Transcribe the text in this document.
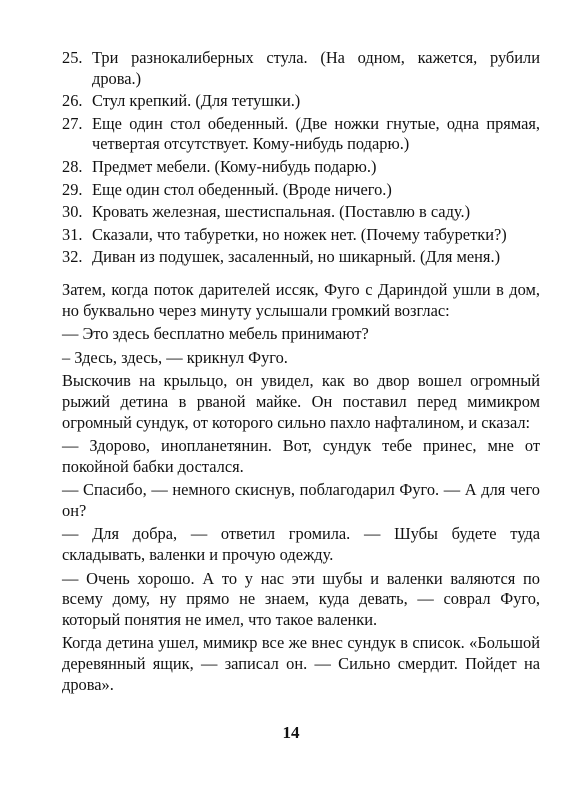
25. Три разнокалиберных стула. (На одном, кажется, рубили дрова.)
26. Стул крепкий. (Для тетушки.)
27. Еще один стол обеденный. (Две ножки гнутые, одна прямая, четвертая отсутствует. Кому-нибудь подарю.)
28. Предмет мебели. (Кому-нибудь подарю.)
29. Еще один стол обеденный. (Вроде ничего.)
30. Кровать железная, шестиспальная. (Поставлю в саду.)
31. Сказали, что табуретки, но ножек нет. (Почему табуретки?)
32. Диван из подушек, засаленный, но шикарный. (Для меня.)

Затем, когда поток дарителей иссяк, Фуго с Дариндой ушли в дом, но буквально через минуту услышали громкий возглас:

— Это здесь бесплатно мебель принимают?

– Здесь, здесь, — крикнул Фуго.

Выскочив на крыльцо, он увидел, как во двор вошел огромный рыжий детина в рваной майке. Он поставил перед мимикром огромный сундук, от которого сильно пахло нафталином, и сказал:

— Здорово, инопланетянин. Вот, сундук тебе принес, мне от покойной бабки достался.

— Спасибо, — немного скиснув, поблагодарил Фуго. — А для чего он?

— Для добра, — ответил громила. — Шубы будете туда складывать, валенки и прочую одежду.

— Очень хорошо. А то у нас эти шубы и валенки валяются по всему дому, ну прямо не знаем, куда девать, — соврал Фуго, который понятия не имел, что такое валенки.

Когда детина ушел, мимикр все же внес сундук в список. «Большой деревянный ящик, — записал он. — Сильно смердит. Пойдет на дрова».

14
